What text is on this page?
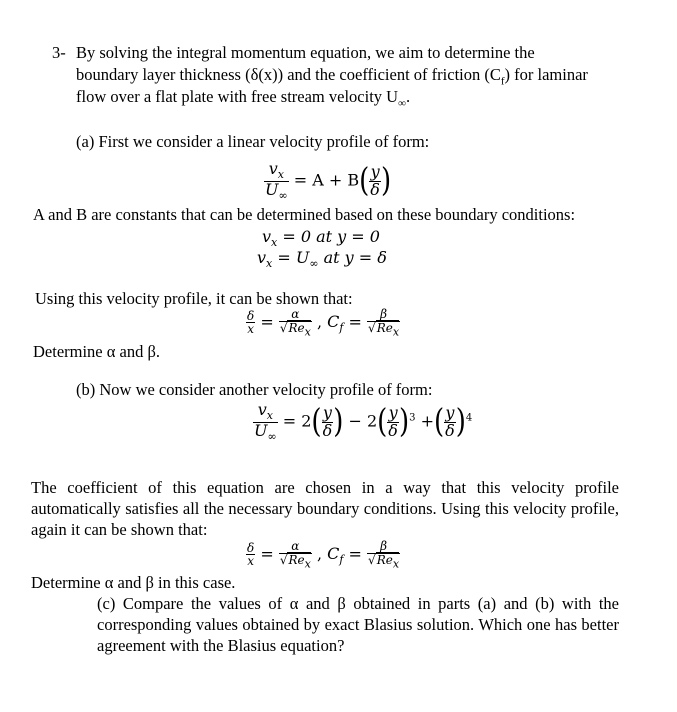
3- By solving the integral momentum equation, we aim to determine the
boundary layer thickness (δ(x)) and the coefficient of friction $(C_f)$ for laminar
flow over a flat plate with free stream velocity $U_\infty$.
(a) First we consider a linear velocity profile of form:
$\frac{v_x}{U_\infty} = A + B( \frac{y}{\delta}$ )
A and B are constants that can be determined based on these boundary conditions:
$v_x = 0$ at y = 0
$v_x = U_\infty$ at y = δ
Using this velocity profile, it can be shown that:
$\frac{\delta}{x} = \frac{\alpha}{\text{√Rex}}$ , $C_f = \frac{\beta}{\text{√Rex}}$
Determine α and β.
(b) Now we consider another velocity profile of form:
$\frac{v_x}{U_\infty} = 2( \frac{y}{\delta}$ ) − $2( \frac{y}{\delta} )^3$ +( $\frac{y}{\delta} )^4$
The coefficient of this equation are chosen in a way that this velocity profile automatically satisfies all the necessary boundary conditions. Using this velocity profile, again it can be shown that:
$\frac{\delta}{x} = \frac{\alpha}{\text{√Rex}}$ , $C_f = \frac{\beta}{\text{√Rex}}$
Determine α and β in this case.
(c) Compare the values of α and β obtained in parts (a) and (b) with the corresponding values obtained by exact Blasius solution. Which one has better agreement with the Blasius equation?
